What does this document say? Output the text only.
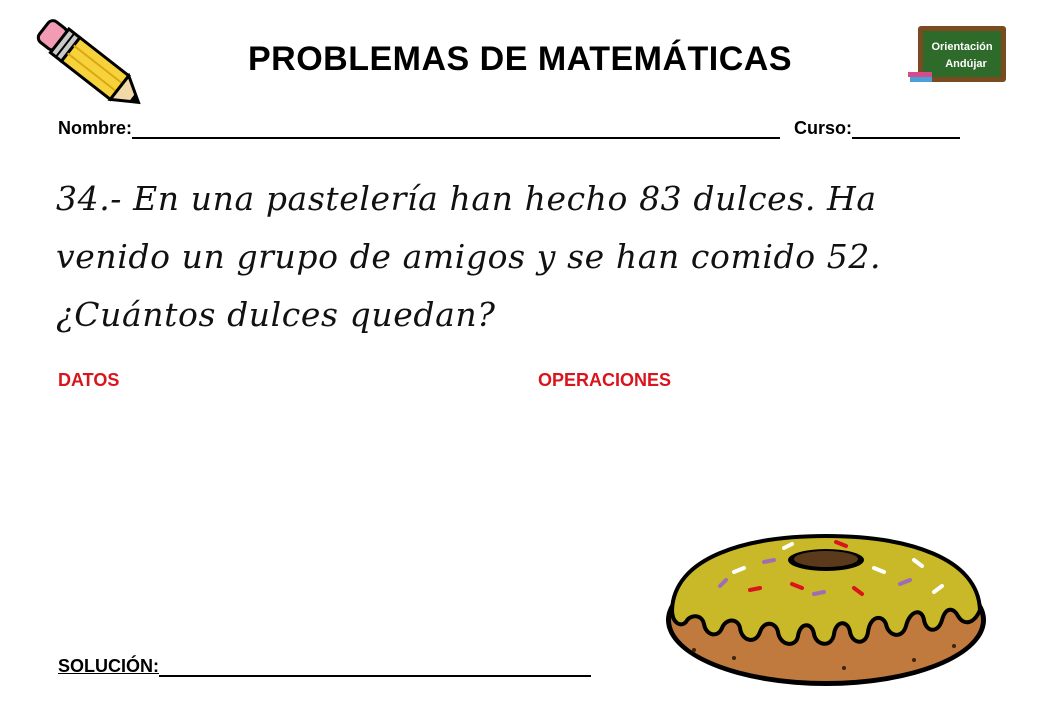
PROBLEMAS DE MATEMÁTICAS	Orientación
Andújar
Nombre:	Curso:
34.- En una pastelería han hecho 83 dulces. Ha venido un grupo de amigos y se han comido 52. ¿Cuántos dulces quedan?
DATOS	OPERACIONES
SOLUCIÓN:
